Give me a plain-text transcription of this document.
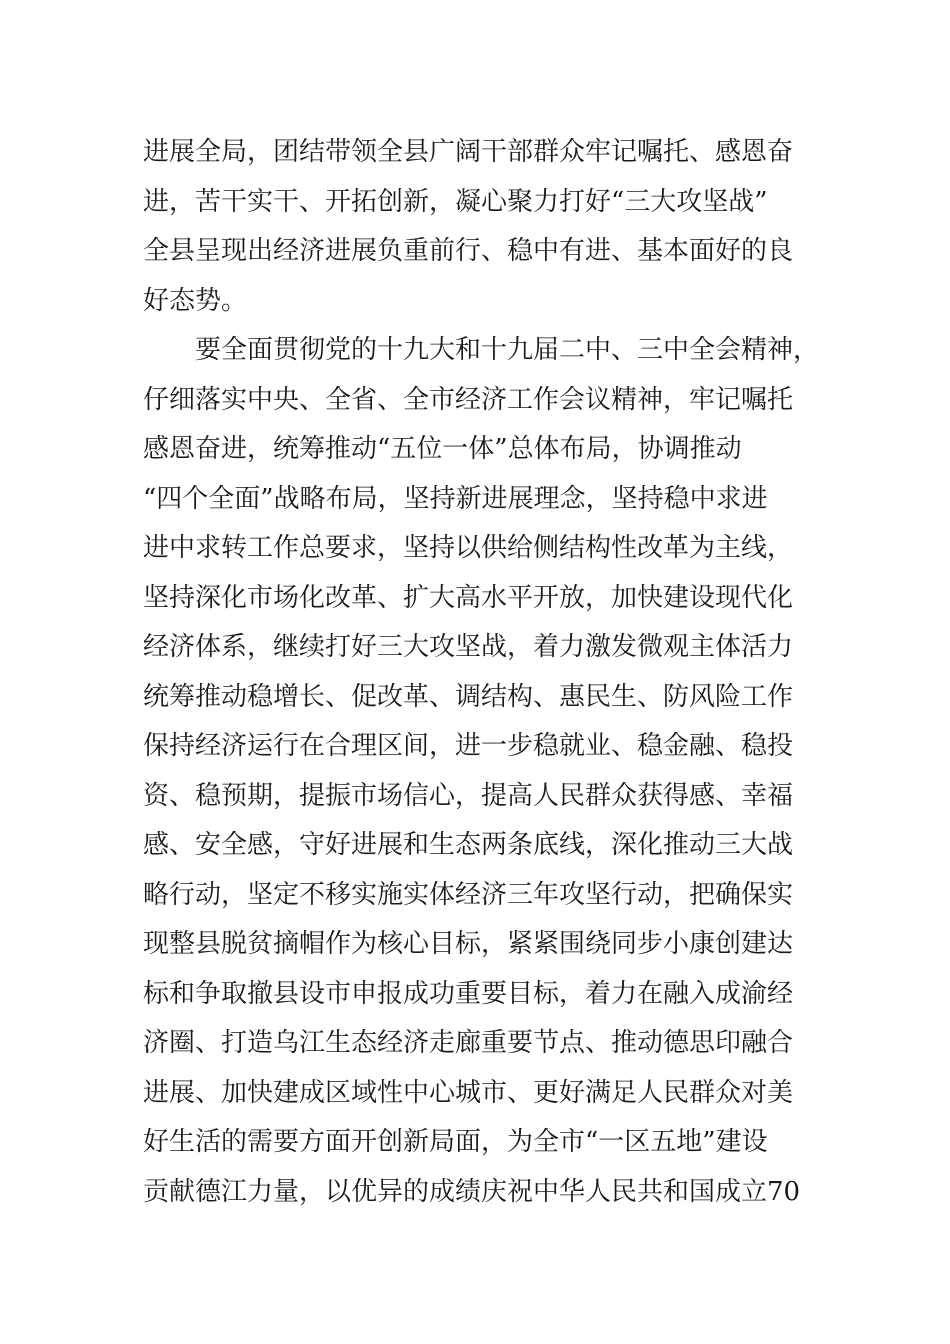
进展全局，团结带领全县广阔干部群众牢记嘱托、感恩奋
进，苦干实干、开拓创新，凝心聚力打好“三大攻坚战”
全县呈现出经济进展负重前行、稳中有进、基本面好的良
好态势。
要全面贯彻党的十九大和十九届二中、三中全会精神，
仔细落实中央、全省、全市经济工作会议精神，牢记嘱托
感恩奋进，统筹推动“五位一体”总体布局，协调推动
“四个全面”战略布局，坚持新进展理念，坚持稳中求进
进中求转工作总要求，坚持以供给侧结构性改革为主线，
坚持深化市场化改革、扩大高水平开放，加快建设现代化
经济体系，继续打好三大攻坚战，着力激发微观主体活力
统筹推动稳增长、促改革、调结构、惠民生、防风险工作
保持经济运行在合理区间，进一步稳就业、稳金融、稳投
资、稳预期，提振市场信心，提高人民群众获得感、幸福
感、安全感，守好进展和生态两条底线，深化推动三大战
略行动，坚定不移实施实体经济三年攻坚行动，把确保实
现整县脱贫摘帽作为核心目标，紧紧围绕同步小康创建达
标和争取撤县设市申报成功重要目标，着力在融入成渝经
济圈、打造乌江生态经济走廊重要节点、推动德思印融合
进展、加快建成区域性中心城市、更好满足人民群众对美
好生活的需要方面开创新局面，为全市“一区五地”建设
贡献德江力量，以优异的成绩庆祝中华人民共和国成立70
